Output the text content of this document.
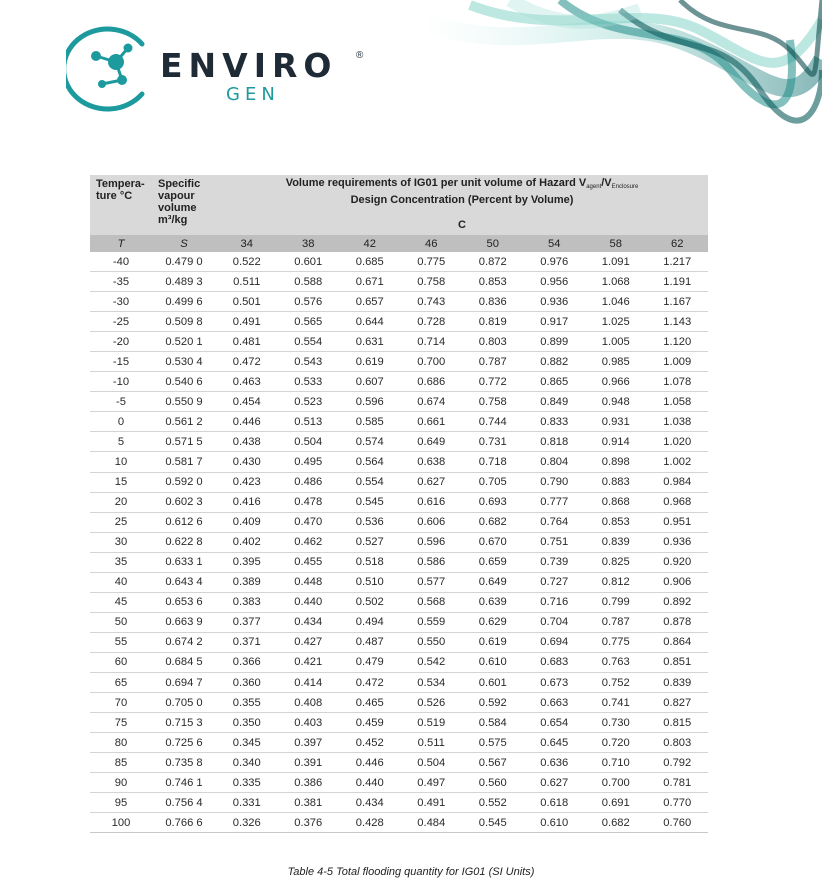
ENVIRO ®
GEN
Tempera- ture °C	Specific vapour volume m³/kg	Volume requirements of IG01 per unit volume of Hazard $V_{agent}/V_{Enclosure}$
Design Concentration (Percent by Volume)							
		C							
T	S	34	38	42	46	50	54	58	62
-40	0.479 0	0.522	0.601	0.685	0.775	0.872	0.976	1.091	1.217
-35	0.489 3	0.511	0.588	0.671	0.758	0.853	0.956	1.068	1.191
-30	0.499 6	0.501	0.576	0.657	0.743	0.836	0.936	1.046	1.167
-25	0.509 8	0.491	0.565	0.644	0.728	0.819	0.917	1.025	1.143
-20	0.520 1	0.481	0.554	0.631	0.714	0.803	0.899	1.005	1.120
-15	0.530 4	0.472	0.543	0.619	0.700	0.787	0.882	0.985	1.009
-10	0.540 6	0.463	0.533	0.607	0.686	0.772	0.865	0.966	1.078
-5	0.550 9	0.454	0.523	0.596	0.674	0.758	0.849	0.948	1.058
0	0.561 2	0.446	0.513	0.585	0.661	0.744	0.833	0.931	1.038
5	0.571 5	0.438	0.504	0.574	0.649	0.731	0.818	0.914	1.020
10	0.581 7	0.430	0.495	0.564	0.638	0.718	0.804	0.898	1.002
15	0.592 0	0.423	0.486	0.554	0.627	0.705	0.790	0.883	0.984
20	0.602 3	0.416	0.478	0.545	0.616	0.693	0.777	0.868	0.968
25	0.612 6	0.409	0.470	0.536	0.606	0.682	0.764	0.853	0.951
30	0.622 8	0.402	0.462	0.527	0.596	0.670	0.751	0.839	0.936
35	0.633 1	0.395	0.455	0.518	0.586	0.659	0.739	0.825	0.920
40	0.643 4	0.389	0.448	0.510	0.577	0.649	0.727	0.812	0.906
45	0.653 6	0.383	0.440	0.502	0.568	0.639	0.716	0.799	0.892
50	0.663 9	0.377	0.434	0.494	0.559	0.629	0.704	0.787	0.878
55	0.674 2	0.371	0.427	0.487	0.550	0.619	0.694	0.775	0.864
60	0.684 5	0.366	0.421	0.479	0.542	0.610	0.683	0.763	0.851
65	0.694 7	0.360	0.414	0.472	0.534	0.601	0.673	0.752	0.839
70	0.705 0	0.355	0.408	0.465	0.526	0.592	0.663	0.741	0.827
75	0.715 3	0.350	0.403	0.459	0.519	0.584	0.654	0.730	0.815
80	0.725 6	0.345	0.397	0.452	0.511	0.575	0.645	0.720	0.803
85	0.735 8	0.340	0.391	0.446	0.504	0.567	0.636	0.710	0.792
90	0.746 1	0.335	0.386	0.440	0.497	0.560	0.627	0.700	0.781
95	0.756 4	0.331	0.381	0.434	0.491	0.552	0.618	0.691	0.770
100	0.766 6	0.326	0.376	0.428	0.484	0.545	0.610	0.682	0.760
Table 4-5 Total flooding quantity for IG01 (SI Units)
